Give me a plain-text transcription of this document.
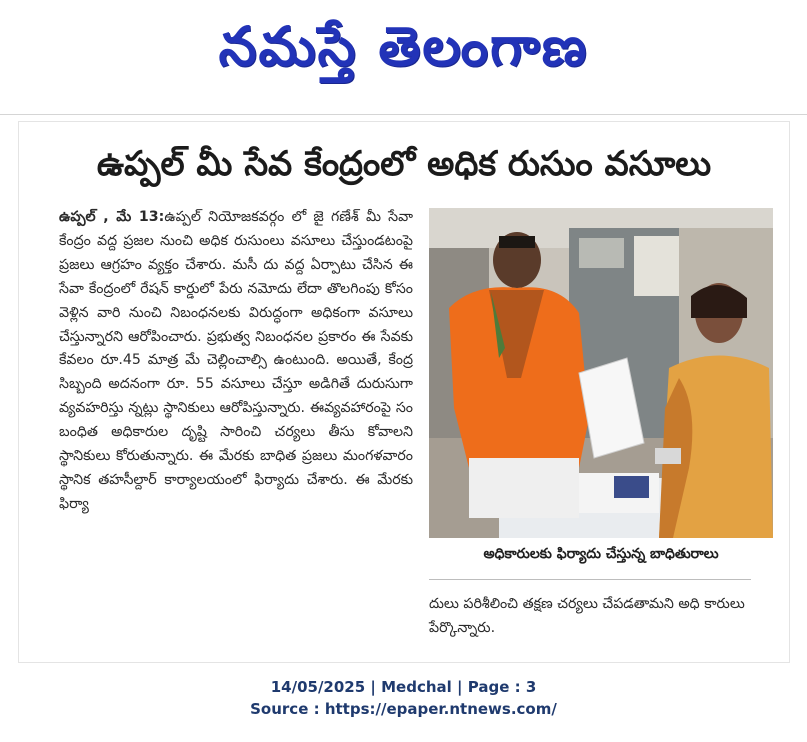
నమస్తే తెలంగాణ
ఉప్పల్ మీ సేవ కేంద్రంలో అధిక రుసుం వసూలు

ఉప్పల్ , మే 13:ఉప్పల్ నియోజకవర్గం లో జై గణేశ్ మీ సేవా కేంద్రం వద్ద ప్రజల నుంచి అధిక రుసుంలు వసూలు చేస్తుండటంపై ప్రజలు ఆగ్రహం వ్యక్తం చేశారు. మసీ దు వద్ద ఏర్పాటు చేసిన ఈ సేవా కేంద్రంలో రేషన్ కార్డులో పేరు నమోదు లేదా తొలగింపు కోసం వెళ్లిన వారి నుంచి నిబంధనలకు విరుద్ధంగా అధికంగా వసూలు చేస్తున్నారని ఆరోపించారు. ప్రభుత్వ నిబంధనల ప్రకారం ఈ సేవకు కేవలం రూ.45 మాత్ర మే చెల్లించాల్సి ఉంటుంది. అయితే, కేంద్ర సిబ్బంది అదనంగా రూ. 55 వసూలు చేస్తూ అడిగితే దురుసుగా వ్యవహరిస్తు న్నట్లు స్థానికులు ఆరోపిస్తున్నారు. ఈవ్యవహారంపై సం బంధిత అధికారుల దృష్టి సారించి చర్యలు తీసు కోవాలని స్థానికులు కోరుతున్నారు. ఈ మేరకు బాధిత ప్రజలు మంగళవారం స్థానిక తహసీల్దార్ కార్యాలయంలో ఫిర్యాదు చేశారు. ఈ మేరకు ఫిర్యా

అధికారులకు ఫిర్యాదు చేస్తున్న బాధితురాలు

దులు పరిశీలించి తక్షణ చర్యలు చేపడతామని అధి కారులు పేర్కొన్నారు.

14/05/2025 | Medchal | Page : 3
Source : https://epaper.ntnews.com/
